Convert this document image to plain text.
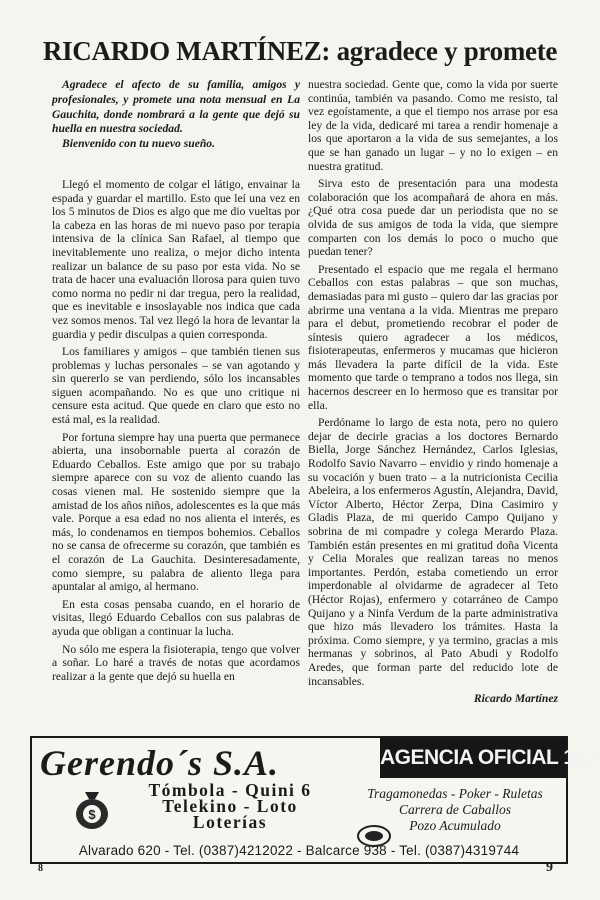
RICARDO MARTÍNEZ: agradece y promete

Agradece el afecto de su familia, amigos y profesionales, y promete una nota mensual en La Gauchita, donde nombrará a la gente que dejó su huella en nuestra sociedad.

Bienvenido con tu nuevo sueño.

Llegó el momento de colgar el látigo, envainar la espada y guardar el martillo. Esto que leí una vez en los 5 minutos de Dios es algo que me dio vueltas por la cabeza en las horas de mi nuevo paso por terapia intensiva de la clínica San Rafael, al tiempo que inevitablemente uno realiza, o mejor dicho intenta realizar un balance de su paso por esta vida. No se trata de hacer una evaluación llorosa para quien tuvo como norma no pedir ni dar tregua, pero la realidad, que es inevitable e insoslayable nos indica que cada vez somos menos. Tal vez llegó la hora de levantar la guardia y pedir disculpas a quien corresponda.

Los familiares y amigos – que también tienen sus problemas y luchas personales – se van agotando y sin quererlo se van perdiendo, sólo los incansables siguen acompañando. No es que uno critique ni censure esta acitud. Que quede en claro que esto no está mal, es la realidad.

Por fortuna siempre hay una puerta que permanece abierta, una insobornable puerta al corazón de Eduardo Ceballos. Este amigo que por su trabajo siempre aparece con su voz de aliento cuando las cosas vienen mal. He sostenido siempre que la amistad de los años niños, adolescentes es la que más vale. Porque a esa edad no nos alienta el interés, es más, lo condenamos en tiempos bohemios. Ceballos no se cansa de ofrecerme su corazón, que también es el corazón de La Gauchita. Desinteresadamente, como siempre, su palabra de aliento llega para apuntalar al amigo, al hermano.

En esta cosas pensaba cuando, en el horario de visitas, llegó Eduardo Ceballos con sus palabras de ayuda que obligan a continuar la lucha.

No sólo me espera la fisioterapia, tengo que volver a soñar. Lo haré a través de notas que acordamos realizar a la gente que dejó su huella en

nuestra sociedad. Gente que, como la vida por suerte continúa, también va pasando. Como me resisto, tal vez egoístamente, a que el tiempo nos arrase por esa ley de la vida, dedicaré mi tarea a rendir homenaje a los que aportaron a la vida de sus semejantes, a los que se han ganado un lugar – y no lo exigen – en nuestra gratitud.

Sirva esto de presentación para una modesta colaboración que los acompañará de ahora en más. ¿Qué otra cosa puede dar un periodista que no se olvida de sus amigos de toda la vida, que siempre comparten con los demás lo poco o mucho que puedan tener?

Presentado el espacio que me regala el hermano Ceballos con estas palabras – que son muchas, demasiadas para mi gusto – quiero dar las gracias por abrirme una ventana a la vida. Mientras me preparo para el debut, prometiendo recobrar el poder de síntesis quiero agradecer a los médicos, fisioterapeutas, enfermeros y mucamas que hicieron más llevadera la parte difícil de la vida. Este momento que tarde o temprano a todos nos llega, sin hacernos descreer en lo hermoso que es transitar por ella.

Perdóname lo largo de esta nota, pero no quiero dejar de decirle gracias a los doctores Bernardo Biella, Jorge Sánchez Hernández, Carlos Iglesias, Rodolfo Savio Navarro – envidio y rindo homenaje a su vocación y buen trato – a la nutricionista Cecilia Abeleira, a los enfermeros Agustín, Alejandra, David, Víctor Alberto, Héctor Zerpa, Dina Casimiro y Gladis Plaza, de mi querido Campo Quijano y sobrina de mi compadre y colega Merardo Plaza. También están presentes en mi gratitud doña Vicenta y Celia Morales que realizan tareas no menos importantes. Perdón, estaba cometiendo un error imperdonable al olvidarme de agradecer al Teto (Héctor Rojas), enfermero y cotarráneo de Campo Quijano y a Ninfa Verdum de la parte administrativa que hizo más llevadero los trámites. Hasta la próxima. Como siempre, y ya termino, gracias a mis hermanas y sobrinos, al Pato Abudi y Rodolfo Aredes, que forman parte del reducido lote de incansables.

Ricardo Martínez
Gerendo´s S.A.	AGENCIA OFICIAL 147
$
Tómbola - Quini 6
Telekino - Loto
Loterías
Tragamonedas - Poker - Ruletas
Carrera de Caballos
Pozo Acumulado
Alvarado 620 - Tel. (0387)4212022 - Balcarce 938 - Tel. (0387)4319744
8	9
